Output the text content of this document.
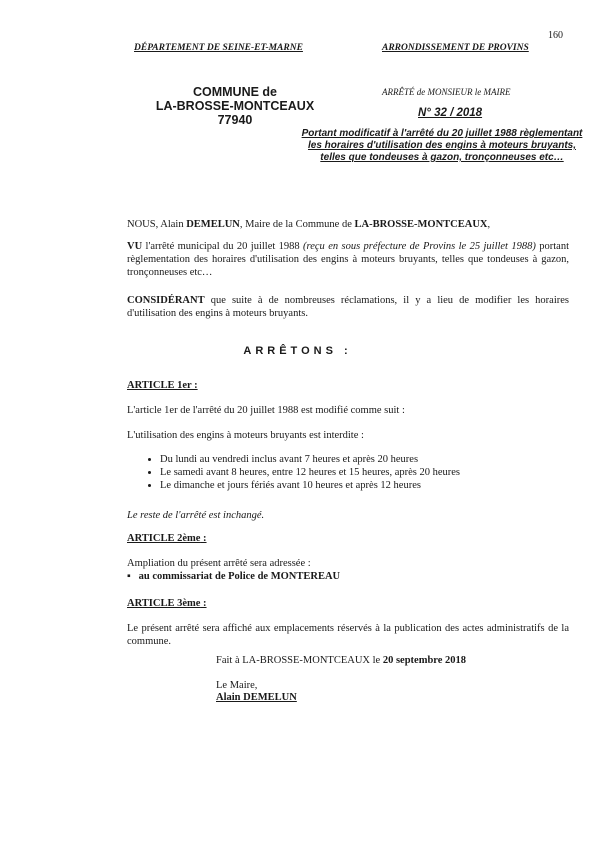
160
DÉPARTEMENT DE SEINE-ET-MARNE	ARRONDISSEMENT DE PROVINS
COMMUNE de
LA-BROSSE-MONTCEAUX
77940
ARRÊTÉ de MONSIEUR le MAIRE
N° 32 / 2018
Portant modificatif à l'arrêté du 20 juillet 1988 règlementant les horaires d'utilisation des engins à moteurs bruyants, telles que tondeuses à gazon, tronçonneuses etc…
NOUS, Alain DEMELUN, Maire de la Commune de LA-BROSSE-MONTCEAUX,
VU l'arrêté municipal du 20 juillet 1988 (reçu en sous préfecture de Provins le 25 juillet 1988) portant règlementation des horaires d'utilisation des engins à moteurs bruyants, telles que tondeuses à gazon, tronçonneuses etc…
CONSIDÉRANT que suite à de nombreuses réclamations, il y a lieu de modifier les horaires d'utilisation des engins à moteurs bruyants.
ARRÊTONS :
ARTICLE 1er :
L'article 1er de l'arrêté du 20 juillet 1988 est modifié comme suit :
L'utilisation des engins à moteurs bruyants est interdite :
• Du lundi au vendredi inclus avant 7 heures et après 20 heures
• Le samedi avant 8 heures, entre 12 heures et 15 heures, après 20 heures
• Le dimanche et jours fériés avant 10 heures et après 12 heures
Le reste de l'arrêté est inchangé.
ARTICLE 2ème :
Ampliation du présent arrêté sera adressée :
▪   au commissariat de Police de MONTEREAU
ARTICLE 3ème :
Le présent arrêté sera affiché aux emplacements réservés à la publication des actes administratifs de la commune.
Fait à LA-BROSSE-MONTCEAUX le 20 septembre 2018
Le Maire,
Alain DEMELUN
